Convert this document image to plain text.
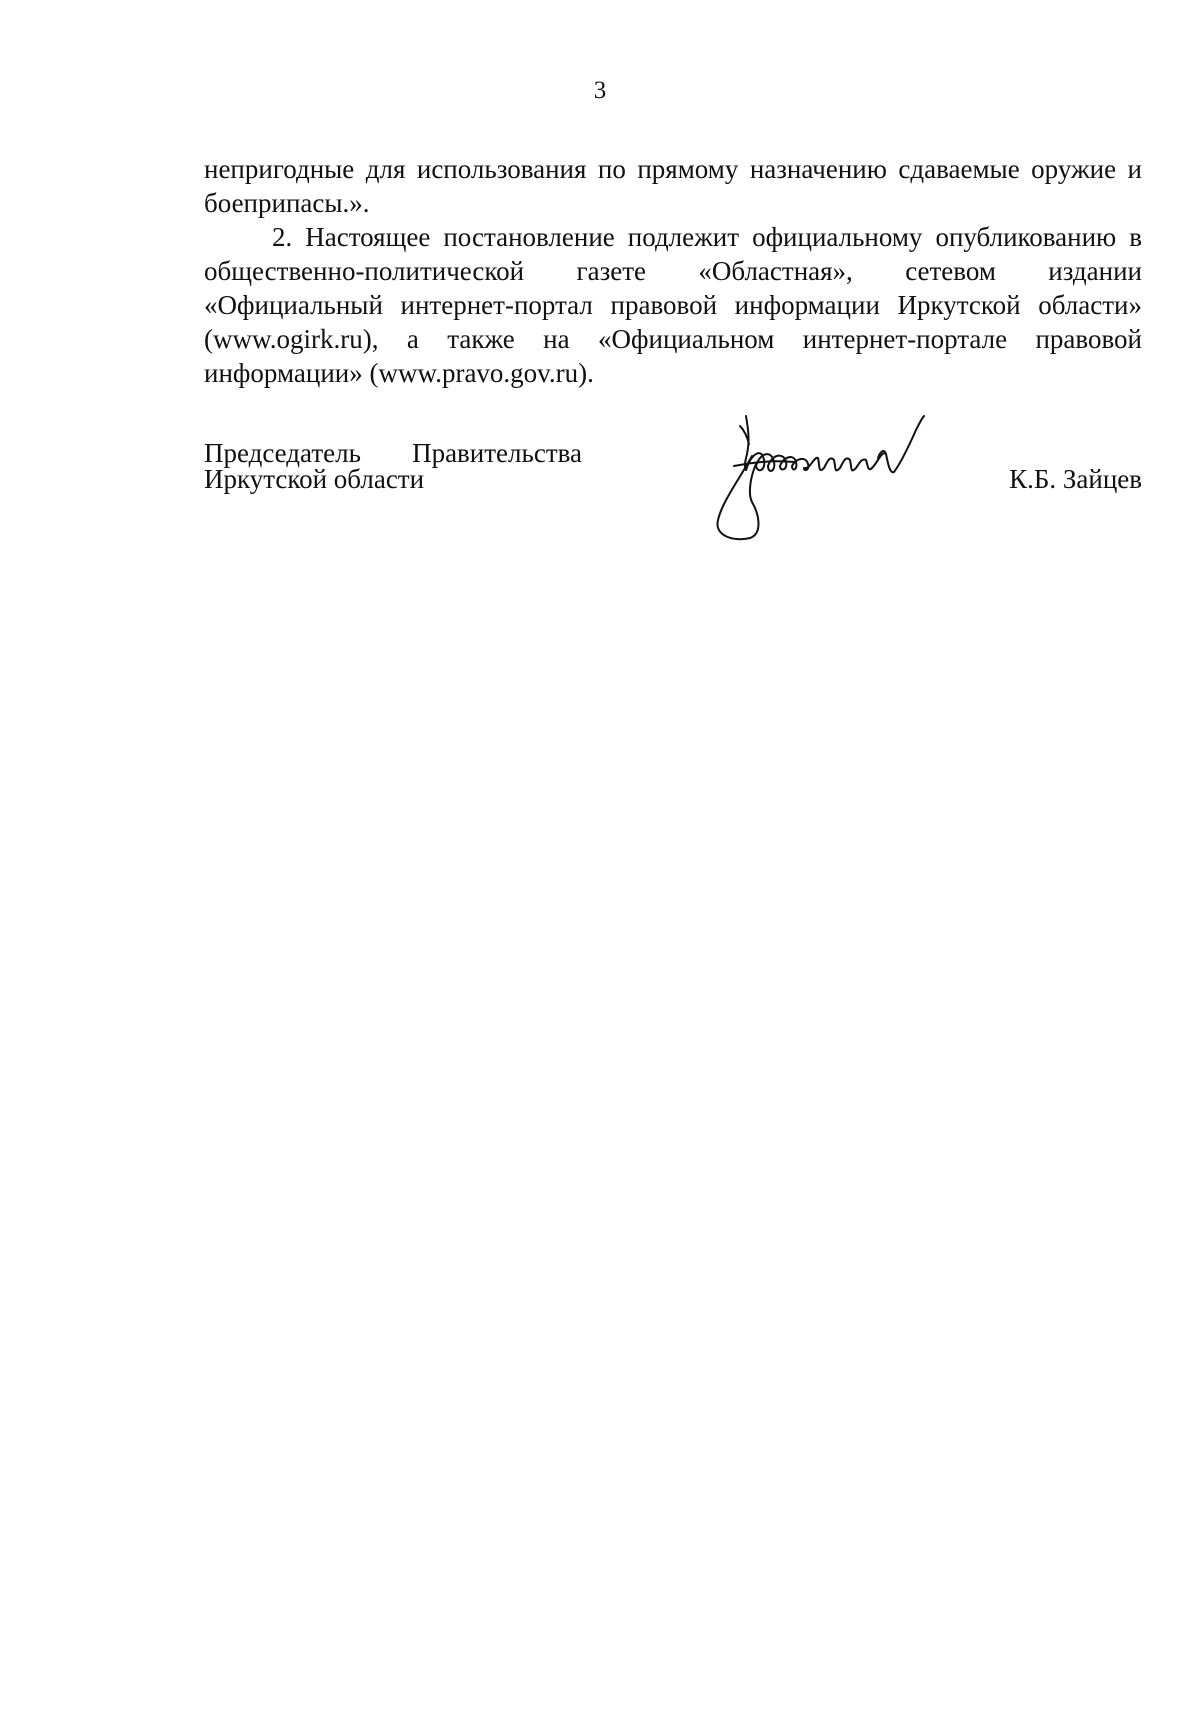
3

непригодные для использования по прямому назначению сдаваемые оружие и боеприпасы.».

2. Настоящее постановление подлежит официальному опубликованию в общественно-политической газете «Областная», сетевом издании «Официальный интернет-портал правовой информации Иркутской области» (www.ogirk.ru), а также на «Официальном интернет-портале правовой информации» (www.pravo.gov.ru).

Председатель Правительства
Иркутской области	К.Б. Зайцев
